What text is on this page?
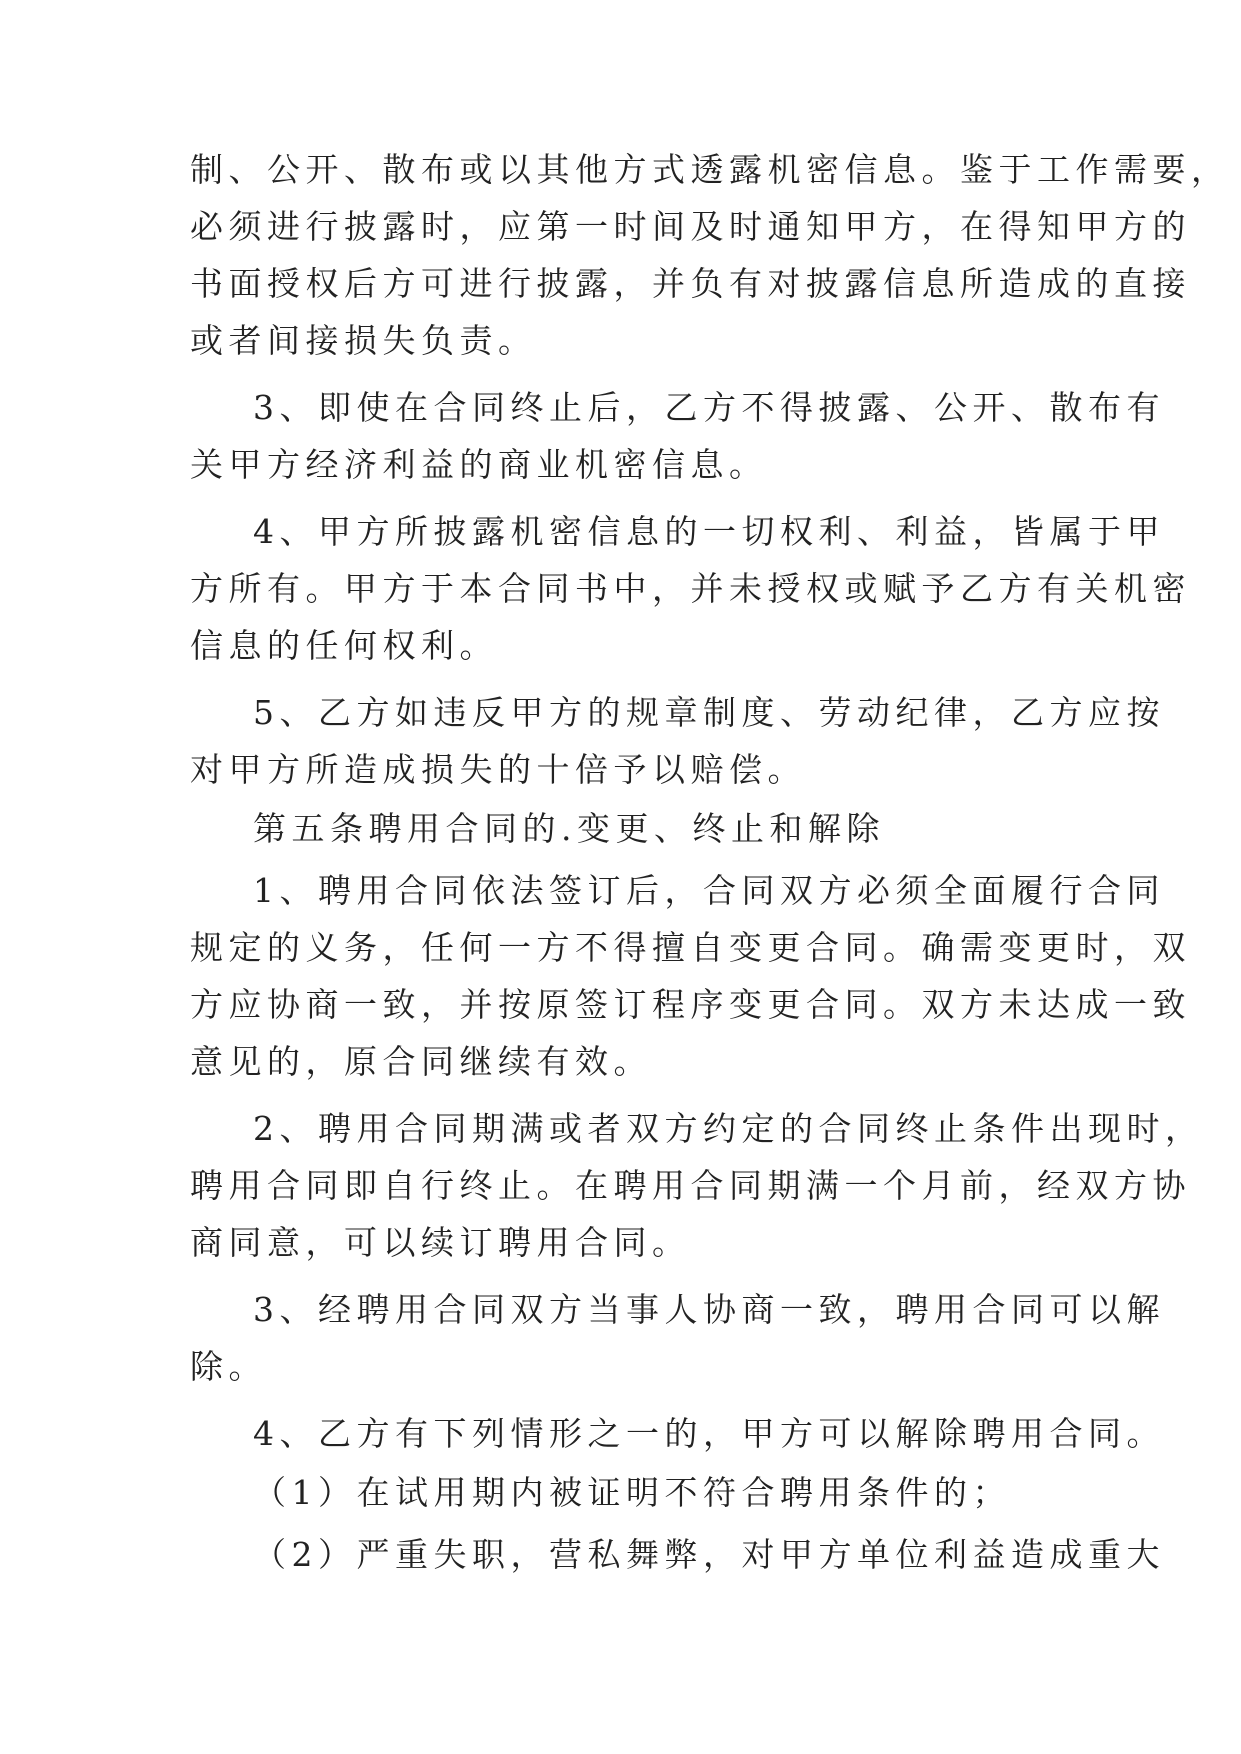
制、公开、散布或以其他方式透露机密信息。鉴于工作需要，
必须进行披露时，应第一时间及时通知甲方，在得知甲方的
书面授权后方可进行披露，并负有对披露信息所造成的直接
或者间接损失负责。
3、即使在合同终止后，乙方不得披露、公开、散布有
关甲方经济利益的商业机密信息。
4、甲方所披露机密信息的一切权利、利益，皆属于甲
方所有。甲方于本合同书中，并未授权或赋予乙方有关机密
信息的任何权利。
5、乙方如违反甲方的规章制度、劳动纪律，乙方应按
对甲方所造成损失的十倍予以赔偿。
第五条聘用合同的.变更、终止和解除
1、聘用合同依法签订后，合同双方必须全面履行合同
规定的义务，任何一方不得擅自变更合同。确需变更时，双
方应协商一致，并按原签订程序变更合同。双方未达成一致
意见的，原合同继续有效。
2、聘用合同期满或者双方约定的合同终止条件出现时，
聘用合同即自行终止。在聘用合同期满一个月前，经双方协
商同意，可以续订聘用合同。
3、经聘用合同双方当事人协商一致，聘用合同可以解
除。
4、乙方有下列情形之一的，甲方可以解除聘用合同。
（1）在试用期内被证明不符合聘用条件的；
（2）严重失职，营私舞弊，对甲方单位利益造成重大
